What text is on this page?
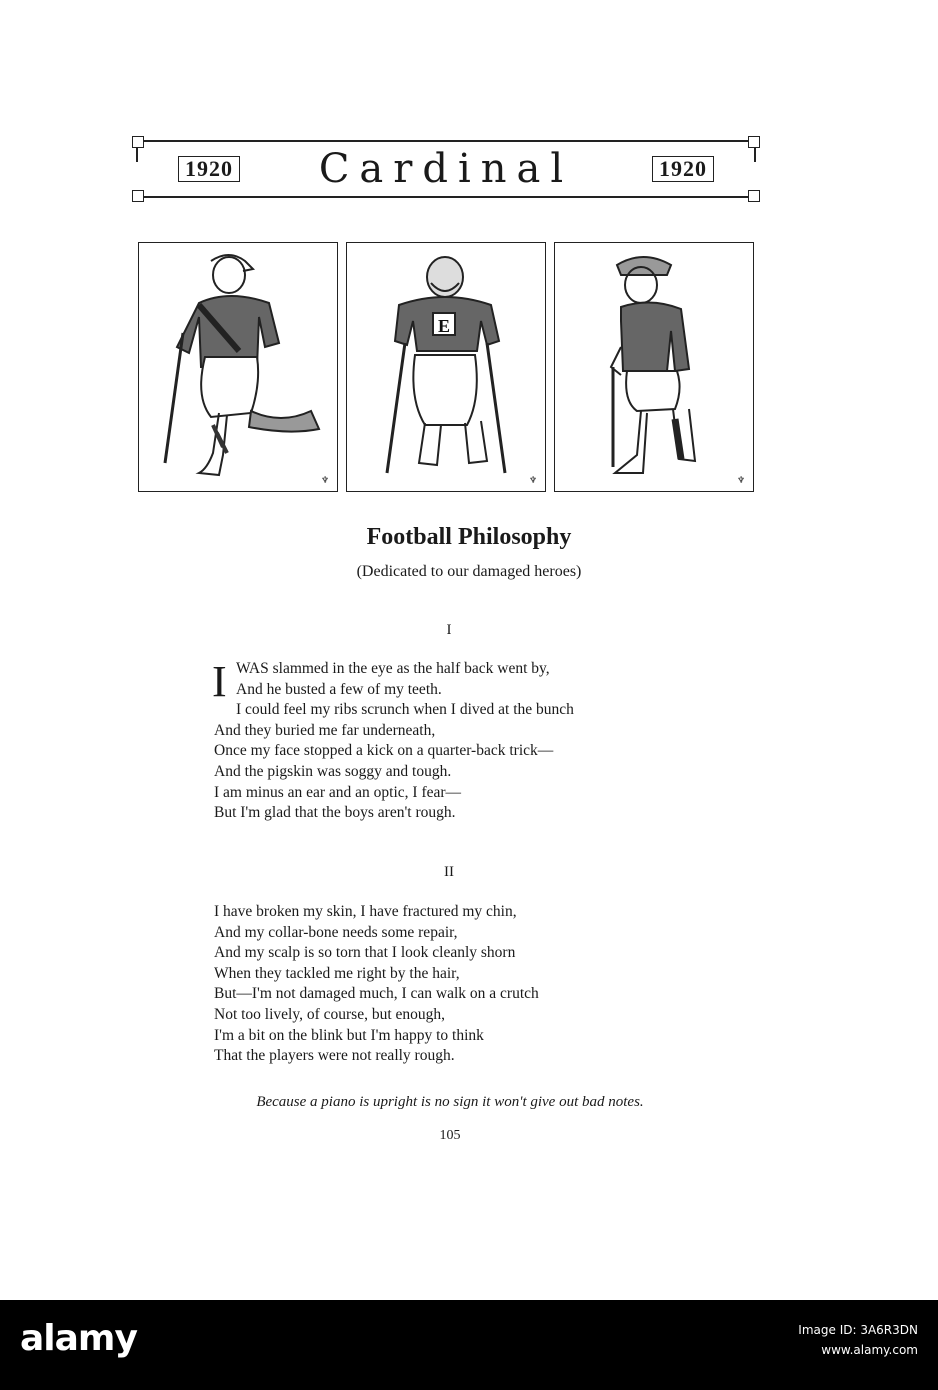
1920	Cardinal	1920
♆
E
♆	♆
Football Philosophy
(Dedicated to our damaged heroes)
I
I WAS slammed in the eye as the half back went by,
And he busted a few of my teeth.
I could feel my ribs scrunch when I dived at the bunch
And they buried me far underneath,
Once my face stopped a kick on a quarter-back trick—
And the pigskin was soggy and tough.
I am minus an ear and an optic, I fear—
But I'm glad that the boys aren't rough.
II
I have broken my skin, I have fractured my chin,
And my collar-bone needs some repair,
And my scalp is so torn that I look cleanly shorn
When they tackled me right by the hair,
But—I'm not damaged much, I can walk on a crutch
Not too lively, of course, but enough,
I'm a bit on the blink but I'm happy to think
That the players were not really rough.
Because a piano is upright is no sign it won't give out bad notes.
105
alamy	Image ID: 3A6R3DN
www.alamy.com
